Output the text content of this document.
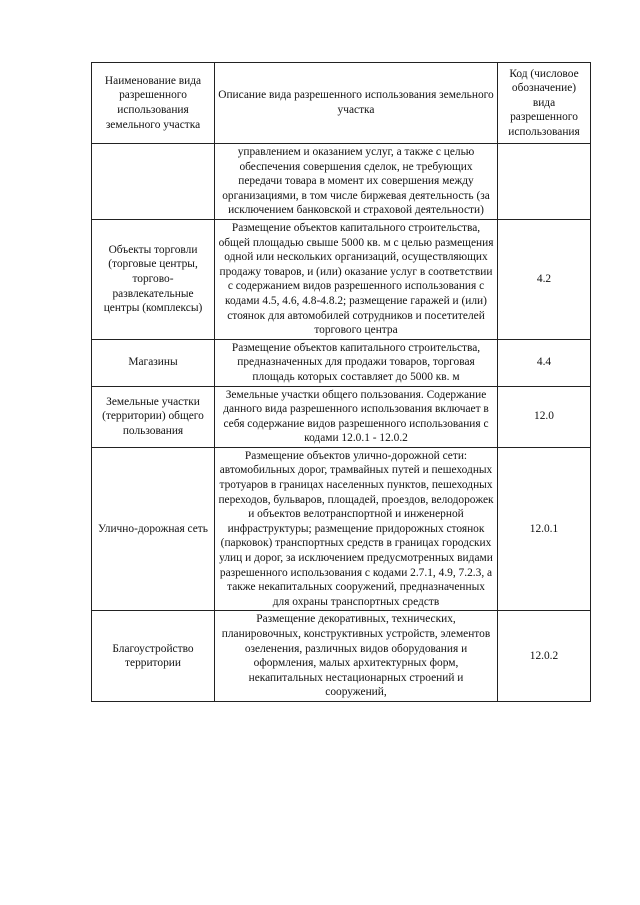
Наименование вида разрешенного использования земельного участка	Описание вида разрешенного использования земельного участка	Код (числовое обозначение) вида разрешенного использования
	управлением и оказанием услуг, а также с целью обеспечения совершения сделок, не требующих передачи товара в момент их совершения между организациями, в том числе биржевая деятельность (за исключением банковской и страховой деятельности)	
Объекты торговли (торговые центры, торгово-развлекательные центры (комплексы)	Размещение объектов капитального строительства, общей площадью свыше 5000 кв. м с целью размещения одной или нескольких организаций, осуществляющих продажу товаров, и (или) оказание услуг в соответствии с содержанием видов разрешенного использования с кодами 4.5, 4.6, 4.8-4.8.2; размещение гаражей и (или) стоянок для автомобилей сотрудников и посетителей торгового центра	4.2
Магазины	Размещение объектов капитального строительства, предназначенных для продажи товаров, торговая площадь которых составляет до 5000 кв. м	4.4
Земельные участки (территории) общего пользования	Земельные участки общего пользования. Содержание данного вида разрешенного использования включает в себя содержание видов разрешенного использования с кодами 12.0.1 - 12.0.2	12.0
Улично-дорожная сеть	Размещение объектов улично-дорожной сети: автомобильных дорог, трамвайных путей и пешеходных тротуаров в границах населенных пунктов, пешеходных переходов, бульваров, площадей, проездов, велодорожек и объектов велотранспортной и инженерной инфраструктуры; размещение придорожных стоянок (парковок) транспортных средств в границах городских улиц и дорог, за исключением предусмотренных видами разрешенного использования с кодами 2.7.1, 4.9, 7.2.3, а также некапитальных сооружений, предназначенных для охраны транспортных средств	12.0.1
Благоустройство территории	Размещение декоративных, технических, планировочных, конструктивных устройств, элементов озеленения, различных видов оборудования и оформления, малых архитектурных форм, некапитальных нестационарных строений и сооружений,	12.0.2
